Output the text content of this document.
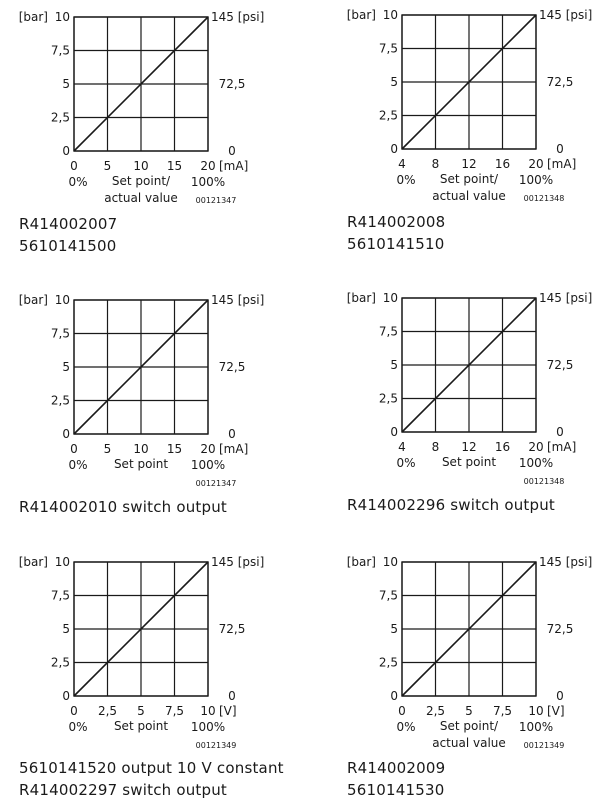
[bar] 10
7,5
5
2,5
0
145 [psi]
72,5
0
0 5 10 15 20 [mA]
0%	100%
Set point/
actual value 00121347
R414002007
5610141500
[bar] 10
7,5
5
2,5
0
145 [psi]
72,5
0
4 8 12 16 20 [mA]
0%	100%
Set point/
actual value 00121348
R414002008
5610141510
[bar] 10
7,5
5
2,5
0
145 [psi]
72,5
0
0 5 10 15 20 [mA]
0%	100%
Set point
00121347
R414002010 switch output
[bar] 10
7,5
5
2,5
0
145 [psi]
72,5
0
4 8 12 16 20 [mA]
0%	100%
Set point
00121348
R414002296 switch output
[bar] 10
7,5
5
2,5
0
145 [psi]
72,5
0
0 2,5 5 7,5 10 [V]
0%	100%
Set point
00121349
5610141520 output 10 V constant
R414002297 switch output
[bar] 10
7,5
5
2,5
0
145 [psi]
72,5
0
0 2,5 5 7,5 10 [V]
0%	100%
Set point/
actual value 00121349
R414002009
5610141530
